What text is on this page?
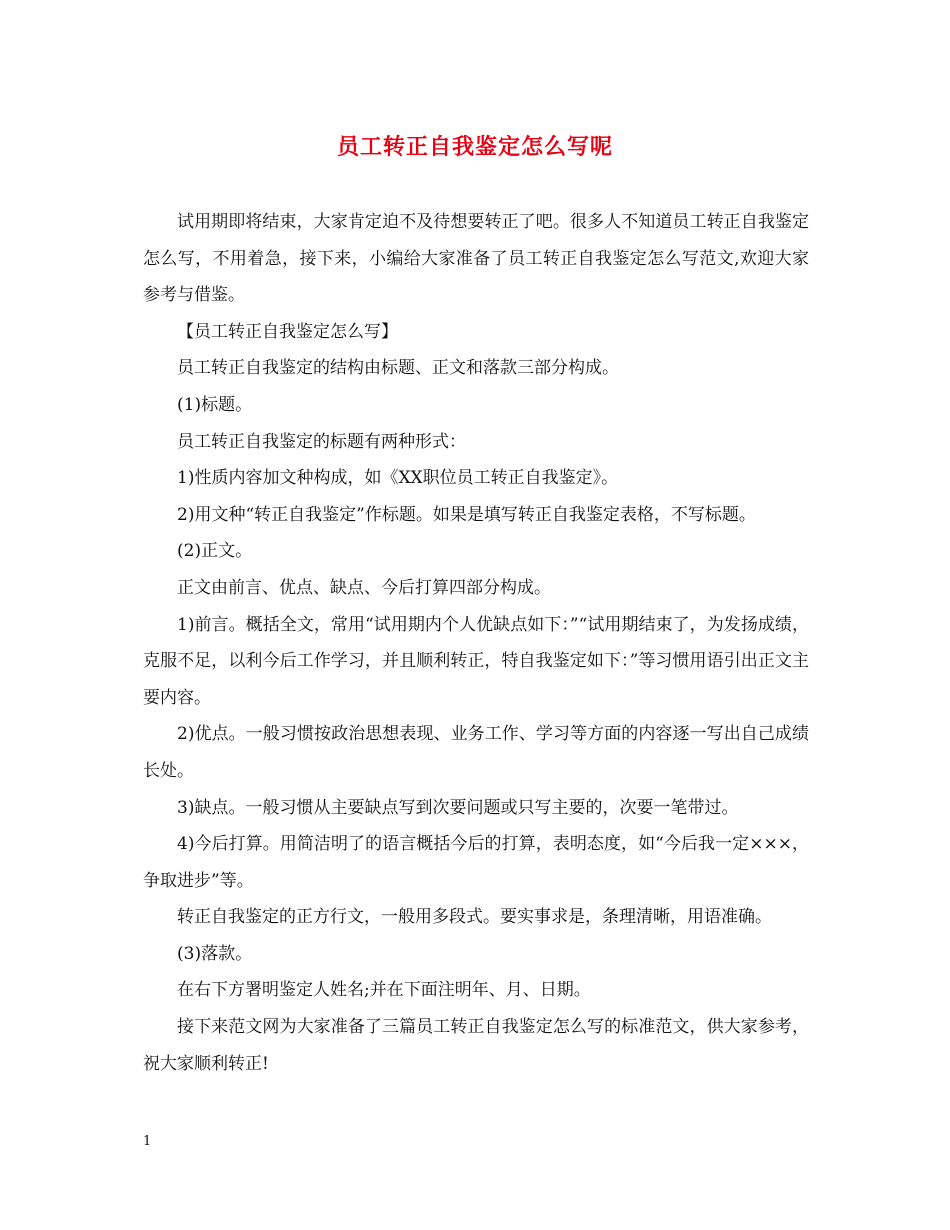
员工转正自我鉴定怎么写呢

试用期即将结束，大家肯定迫不及待想要转正了吧。很多人不知道员工转正自我鉴定怎么写，不用着急，接下来，小编给大家准备了员工转正自我鉴定怎么写范文,欢迎大家参考与借鉴。

【员工转正自我鉴定怎么写】

员工转正自我鉴定的结构由标题、正文和落款三部分构成。

(1)标题。

员工转正自我鉴定的标题有两种形式：

1)性质内容加文种构成，如《XX职位员工转正自我鉴定》。

2)用文种“转正自我鉴定”作标题。如果是填写转正自我鉴定表格，不写标题。

(2)正文。

正文由前言、优点、缺点、今后打算四部分构成。

1)前言。概括全文，常用“试用期内个人优缺点如下：”“试用期结束了，为发扬成绩，克服不足，以利今后工作学习，并且顺利转正，特自我鉴定如下：”等习惯用语引出正文主要内容。

2)优点。一般习惯按政治思想表现、业务工作、学习等方面的内容逐一写出自己成绩长处。

3)缺点。一般习惯从主要缺点写到次要问题或只写主要的，次要一笔带过。

4)今后打算。用简洁明了的语言概括今后的打算，表明态度，如“今后我一定×××，争取进步”等。

转正自我鉴定的正方行文，一般用多段式。要实事求是，条理清晰，用语准确。

(3)落款。

在右下方署明鉴定人姓名;并在下面注明年、月、日期。

接下来范文网为大家准备了三篇员工转正自我鉴定怎么写的标准范文，供大家参考，祝大家顺利转正!

1
